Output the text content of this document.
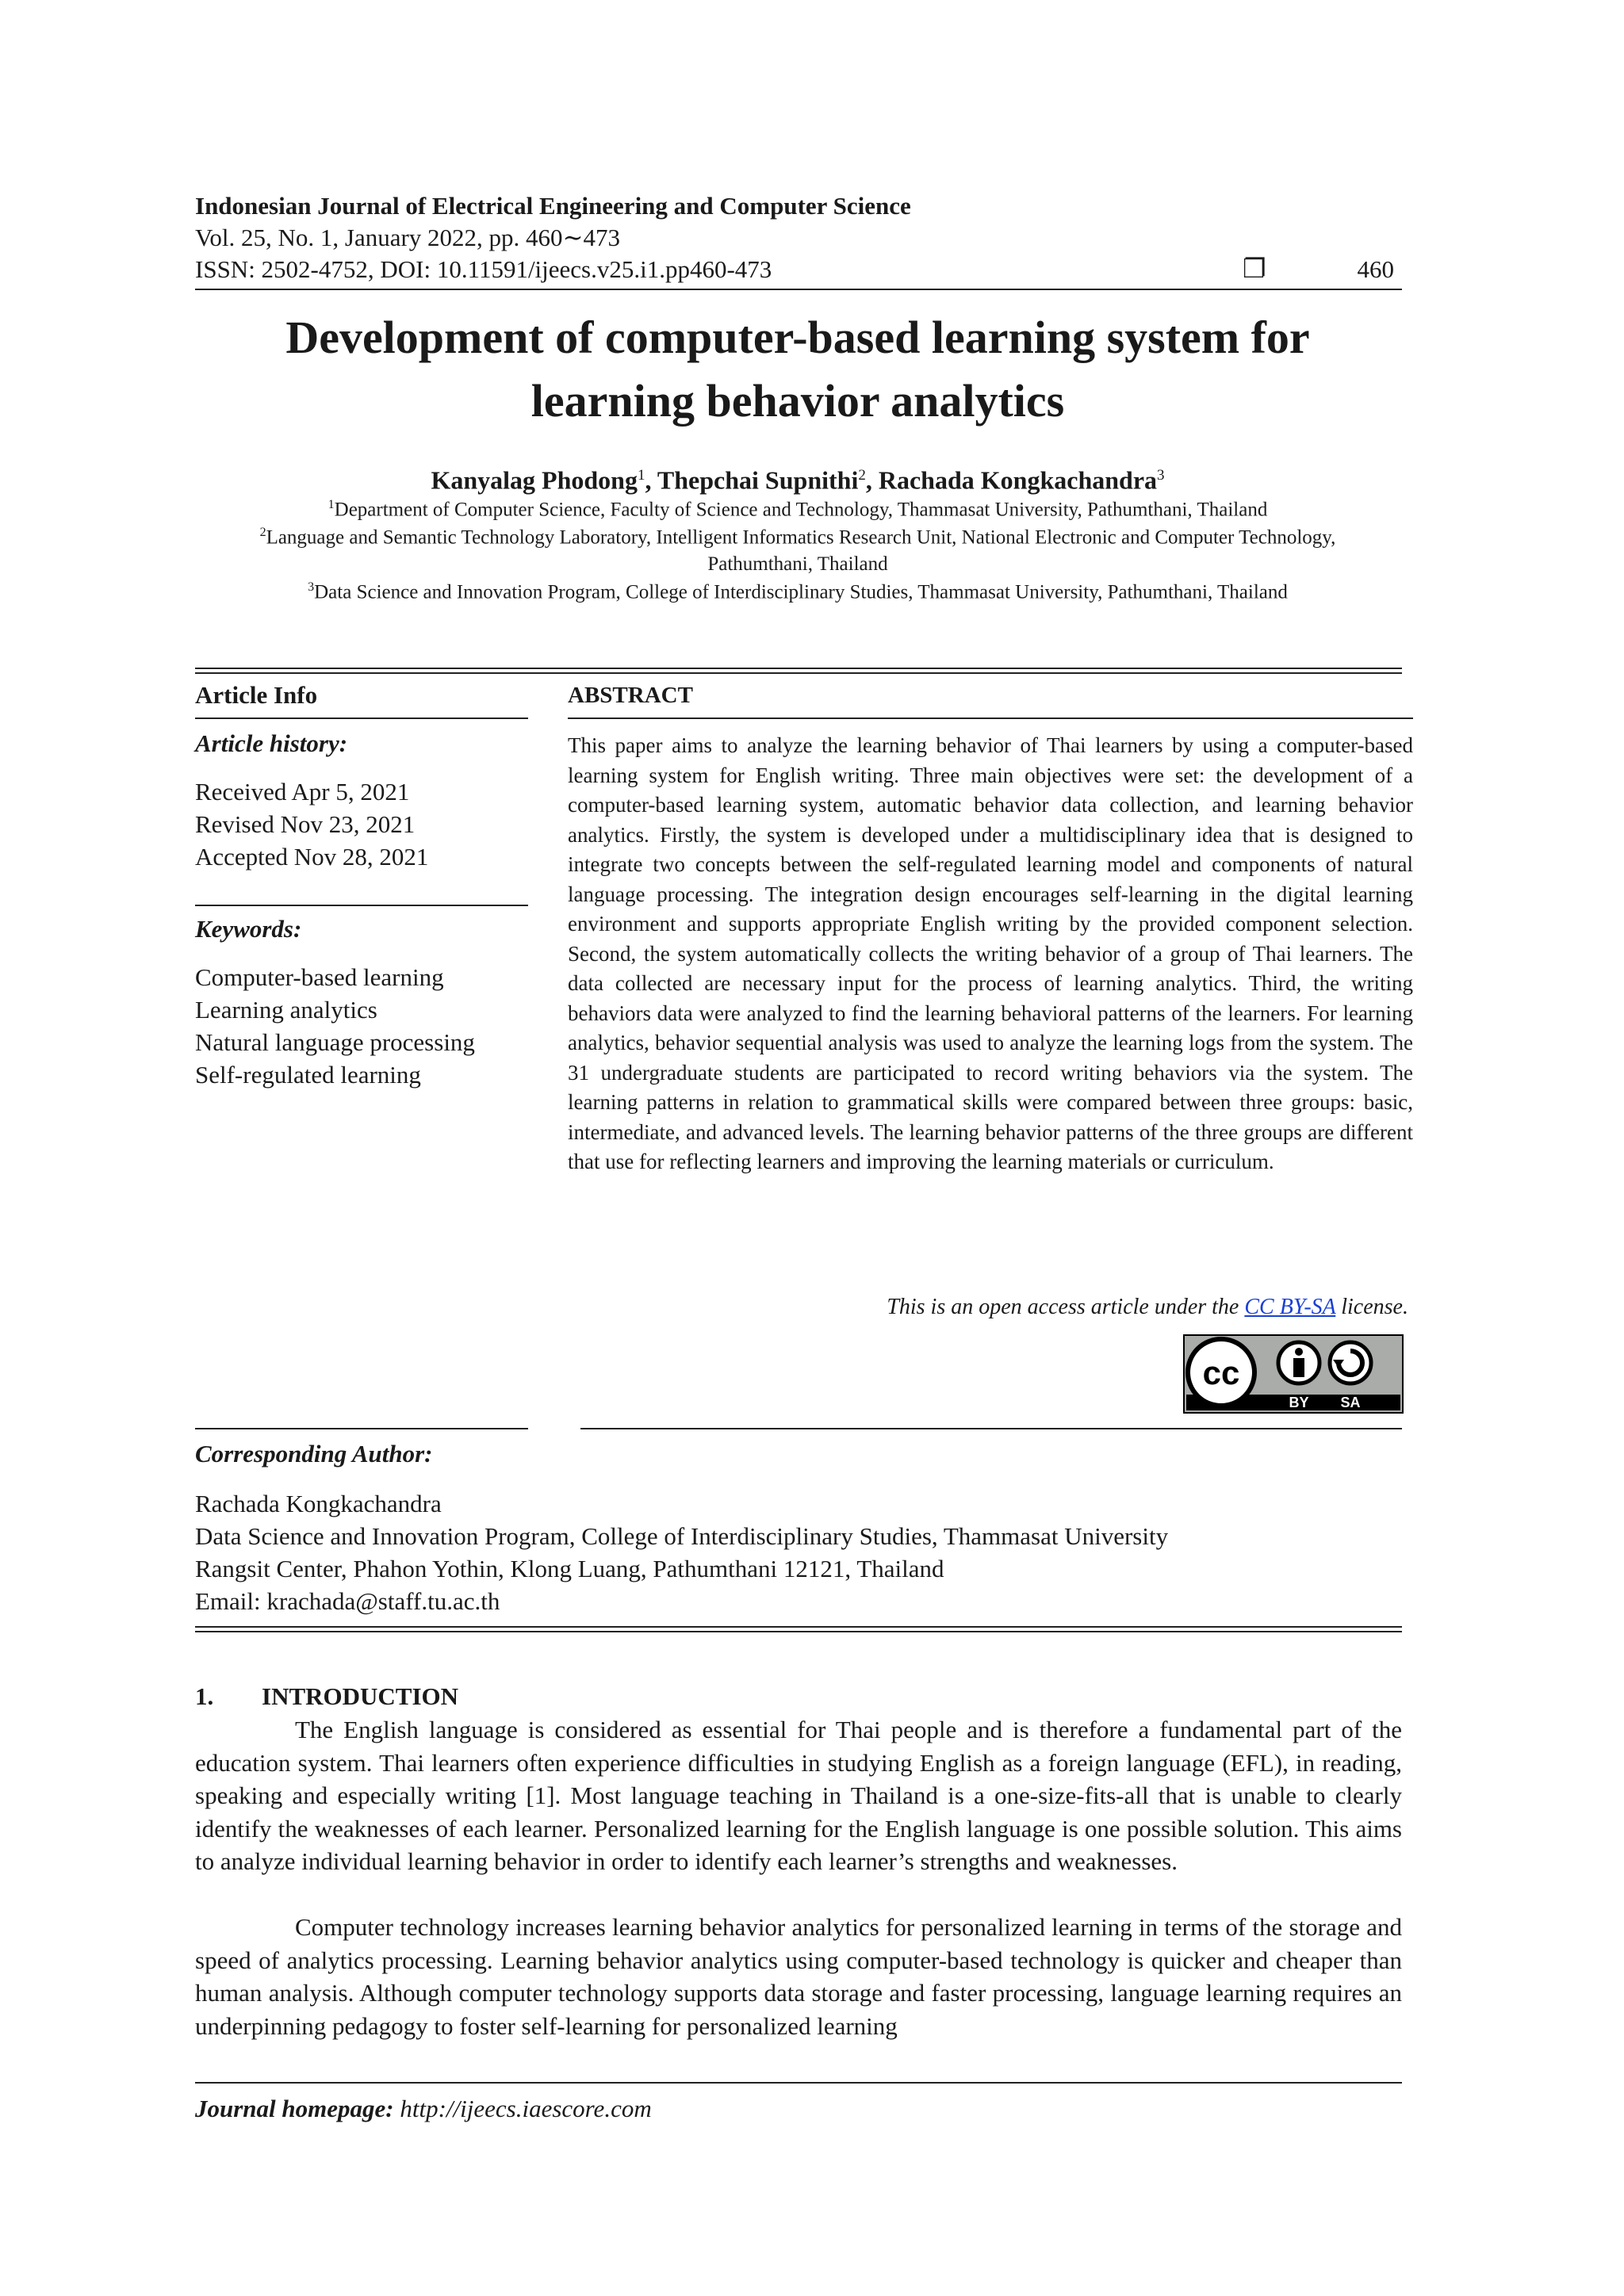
Indonesian Journal of Electrical Engineering and Computer Science
Vol. 25, No. 1, January 2022, pp. 460∼473
ISSN: 2502-4752, DOI: 10.11591/ijeecs.v25.i1.pp460-473	❐	460
Development of computer-based learning system for
learning behavior analytics
Kanyalag Phodong$^1$, Thepchai Supnithi$^2$, Rachada Kongkachandra$^3$
$^1$Department of Computer Science, Faculty of Science and Technology, Thammasat University, Pathumthani, Thailand
$^2$Language and Semantic Technology Laboratory, Intelligent Informatics Research Unit, National Electronic and Computer Technology,
Pathumthani, Thailand
$^3$Data Science and Innovation Program, College of Interdisciplinary Studies, Thammasat University, Pathumthani, Thailand
Article Info
Article history:
Received Apr 5, 2021
Revised Nov 23, 2021
Accepted Nov 28, 2021
Keywords:
Computer-based learning
Learning analytics
Natural language processing
Self-regulated learning
ABSTRACT
This paper aims to analyze the learning behavior of Thai learners by using a computer-based learning system for English writing. Three main objectives were set: the development of a computer-based learning system, automatic behavior data collection, and learning behavior analytics. Firstly, the system is developed under a multidisciplinary idea that is designed to integrate two concepts between the self-regulated learning model and components of natural language processing. The integration design encourages self-learning in the digital learning environment and supports appropriate English writing by the provided component selection. Second, the system automatically collects the writing behavior of a group of Thai learners. The data collected are necessary input for the process of learning analytics. Third, the writing behaviors data were analyzed to find the learning behavioral patterns of the learners. For learning analytics, behavior sequential analysis was used to analyze the learning logs from the system. The 31 undergraduate students are participated to record writing behaviors via the system. The learning patterns in relation to grammatical skills were compared between three groups: basic, intermediate, and advanced levels. The learning behavior patterns of the three groups are different that use for reflecting learners and improving the learning materials or curriculum.
This is an open access article under the CC BY-SA license.
cc
BY SA
Corresponding Author:
Rachada Kongkachandra
Data Science and Innovation Program, College of Interdisciplinary Studies, Thammasat University
Rangsit Center, Phahon Yothin, Klong Luang, Pathumthani 12121, Thailand
Email: krachada@staff.tu.ac.th
1. INTRODUCTION
The English language is considered as essential for Thai people and is therefore a fundamental part of the education system. Thai learners often experience difficulties in studying English as a foreign language (EFL), in reading, speaking and especially writing [1]. Most language teaching in Thailand is a one-size-fits-all that is unable to clearly identify the weaknesses of each learner. Personalized learning for the English language is one possible solution. This aims to analyze individual learning behavior in order to identify each learner’s strengths and weaknesses.
Computer technology increases learning behavior analytics for personalized learning in terms of the storage and speed of analytics processing. Learning behavior analytics using computer-based technology is quicker and cheaper than human analysis. Although computer technology supports data storage and faster processing, language learning requires an underpinning pedagogy to foster self-learning for personalized learning
Journal homepage: http://ijeecs.iaescore.com
